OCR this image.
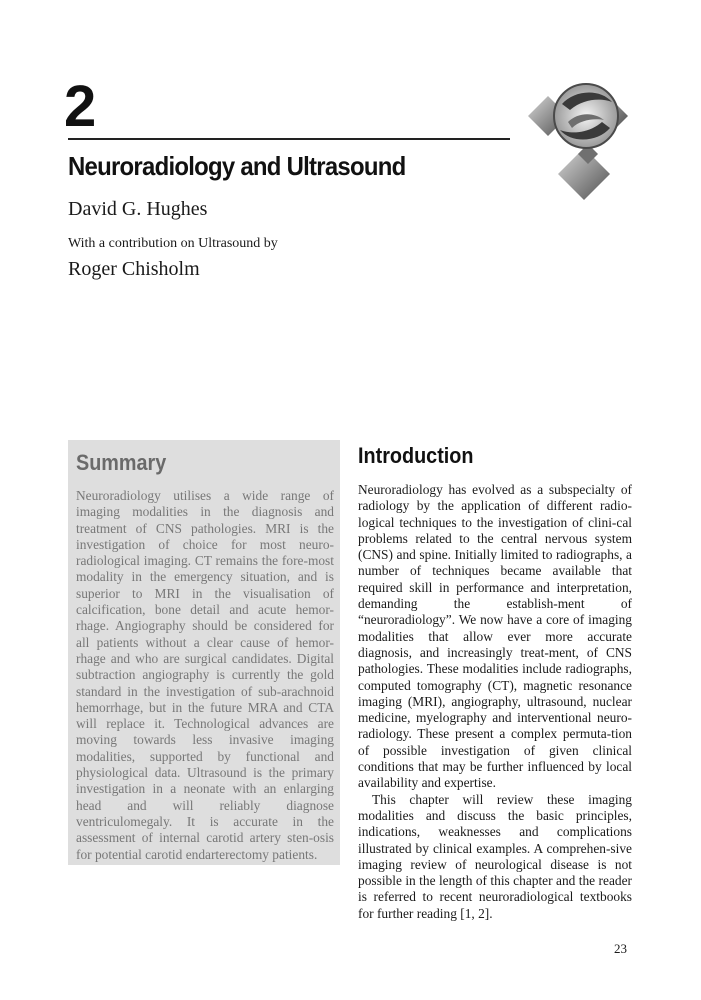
2
Neuroradiology and Ultrasound
David G. Hughes
With a contribution on Ultrasound by
Roger Chisholm
Summary

Neuroradiology utilises a wide range of imaging modalities in the diagnosis and treatment of CNS pathologies. MRI is the investigation of choice for most neuro-radiological imaging. CT remains the fore-most modality in the emergency situation, and is superior to MRI in the visualisation of calcification, bone detail and acute hemor-rhage. Angiography should be considered for all patients without a clear cause of hemor-rhage and who are surgical candidates. Digital subtraction angiography is currently the gold standard in the investigation of sub-arachnoid hemorrhage, but in the future MRA and CTA will replace it. Technological advances are moving towards less invasive imaging modalities, supported by functional and physiological data. Ultrasound is the primary investigation in a neonate with an enlarging head and will reliably diagnose ventriculomegaly. It is accurate in the assessment of internal carotid artery sten-osis for potential carotid endarterectomy patients.

Introduction

Neuroradiology has evolved as a subspecialty of radiology by the application of different radio-logical techniques to the investigation of clini-cal problems related to the central nervous system (CNS) and spine. Initially limited to radiographs, a number of techniques became available that required skill in performance and interpretation, demanding the establish-ment of “neuroradiology”. We now have a core of imaging modalities that allow ever more accurate diagnosis, and increasingly treat-ment, of CNS pathologies. These modalities include radiographs, computed tomography (CT), magnetic resonance imaging (MRI), angiography, ultrasound, nuclear medicine, myelography and interventional neuro-radiology. These present a complex permuta-tion of possible investigation of given clinical conditions that may be further influenced by local availability and expertise.

This chapter will review these imaging modalities and discuss the basic principles, indications, weaknesses and complications illustrated by clinical examples. A comprehen-sive imaging review of neurological disease is not possible in the length of this chapter and the reader is referred to recent neuroradiological textbooks for further reading [1, 2].

23
